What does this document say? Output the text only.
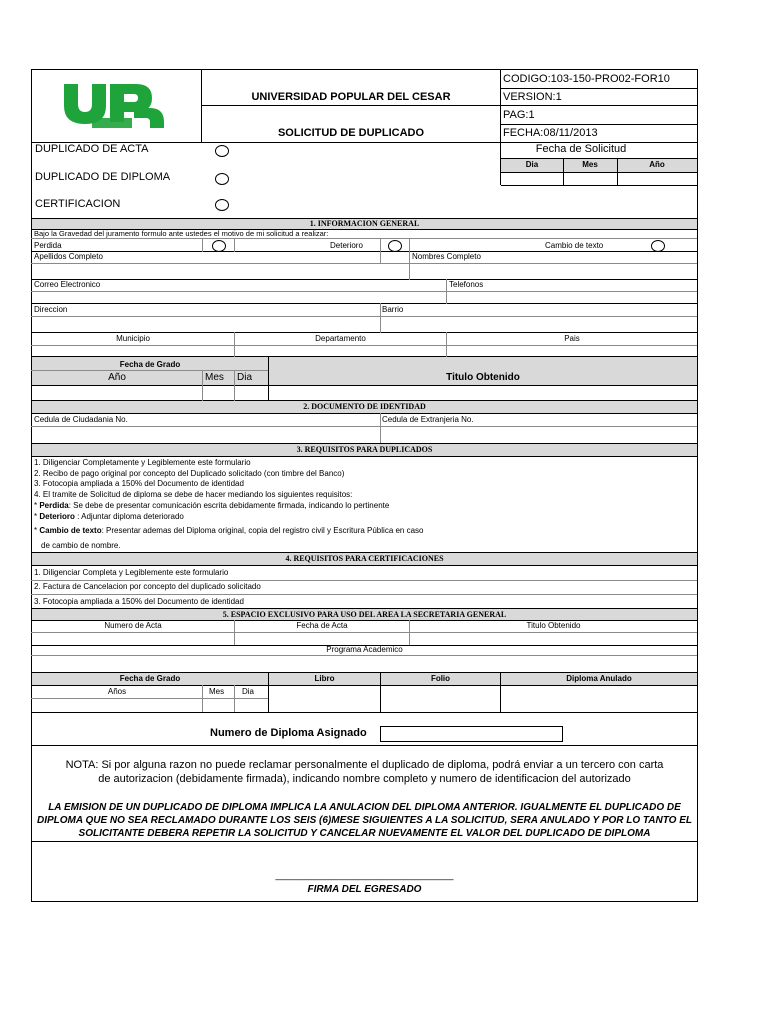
UNIVERSIDAD POPULAR DEL CESAR
SOLICITUD DE DUPLICADO
CODIGO:103-150-PRO02-FOR10
VERSION:1
PAG:1
FECHA:08/11/2013
DUPLICADO DE ACTA
DUPLICADO DE DIPLOMA
CERTIFICACION
Fecha de Solicitud
Dia	Mes	Año
1. INFORMACION GENERAL
Bajo la Gravedad del juramento formulo ante ustedes el motivo de mi solicitud a realizar:
Perdida	Deterioro	Cambio de texto
Apellidos Completo	Nombres Completo
Correo Electronico	Telefonos
Direccion	Barrio
Municipio	Departamento	Pais
Fecha de Grado
Año	Mes Dia	Titulo Obtenido
2. DOCUMENTO DE IDENTIDAD
Cedula de Ciudadania No.	Cedula de Extranjeria No.
3. REQUISITOS PARA DUPLICADOS
1. Diligenciar Completamente y Legiblemente este formulario
2. Recibo de pago original por concepto del Duplicado solicitado (con timbre del Banco)
3. Fotocopia ampliada a 150% del Documento de identidad
4. El tramite de Solicitud de diploma se debe de hacer mediando los siguientes requisitos:
* Perdida: Se debe de presentar comunicación escrita debidamente firmada, indicando lo pertinente
* Deterioro : Adjuntar diploma deteriorado
* Cambio de texto: Presentar ademas del Diploma original, copia del registro civil y Escritura Pública en caso
de cambio de nombre.
4. REQUISITOS PARA CERTIFICACIONES
1. Diligenciar Completa y Legiblemente este formulario
2. Factura de Cancelacion por concepto del duplicado solicitado
3. Fotocopia ampliada a 150% del Documento de identidad
5. ESPACIO EXCLUSIVO PARA USO DEL AREA LA SECRETARIA GENERAL
Numero de Acta	Fecha de Acta	Titulo Obtenido
Programa Academico
Fecha de Grado	Libro	Folio	Diploma Anulado
Años	Mes Dia
Numero de Diploma Asignado
NOTA: Si por alguna razon no puede reclamar personalmente el duplicado de diploma, podrá enviar a un tercero con carta
de autorizacion (debidamente firmada), indicando nombre completo y numero de identificacion del autorizado
LA EMISION DE UN DUPLICADO DE DIPLOMA IMPLICA LA ANULACION DEL DIPLOMA ANTERIOR. IGUALMENTE EL DUPLICADO DE
DIPLOMA QUE NO SEA RECLAMADO DURANTE LOS SEIS (6)MESE SIGUIENTES A LA SOLICITUD, SERA ANULADO Y POR LO TANTO EL
SOLICITANTE DEBERA REPETIR LA SOLICITUD Y CANCELAR NUEVAMENTE EL VALOR DEL DUPLICADO DE DIPLOMA
________________________________
FIRMA DEL EGRESADO
